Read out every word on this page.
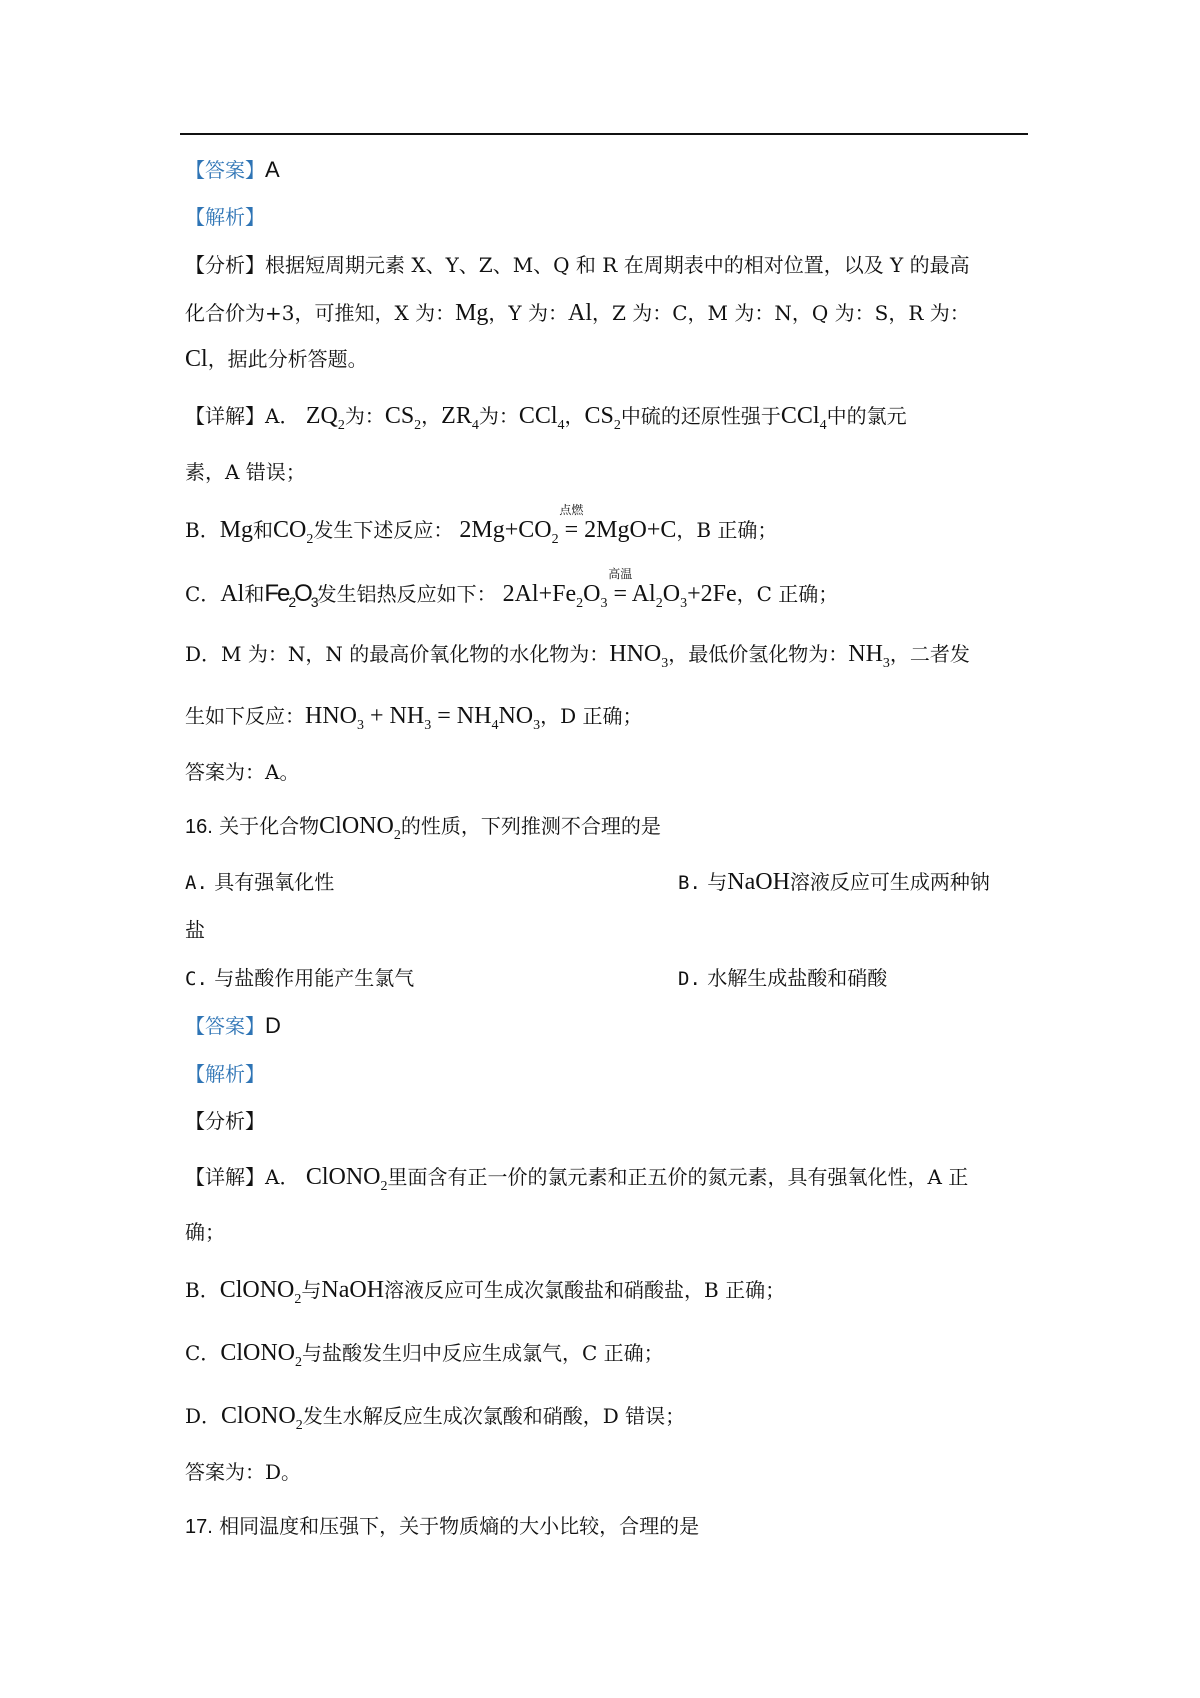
【答案】A
【解析】
【分析】根据短周期元素 X、Y、Z、M、Q 和 R 在周期表中的相对位置，以及 Y 的最高
化合价为+3，可推知，X 为：Mg，Y 为：Al，Z 为：C，M 为：N，Q 为：S，R 为：
Cl，据此分析答题。
【详解】A． $ZQ_2$为：$CS_2$，$ZR_4$为：CCl$_4$，$CS_2$中硫的还原性强于CCl$_4$中的氯元
素，A 错误；
B．Mg和$CO_2$发生下述反应： $2Mg+CO_2$
点燃
= 2MgO+C，B 正确；
C．Al和$Fe_2O_3$发生铝热反应如下： $2Al+Fe_2O_3$
高温
= $Al_2O_3+2Fe$，C 正确；
D．M 为：N，N 的最高价氧化物的水化物为：$HNO_3$，最低价氢化物为：$NH_3$，二者发
生如下反应：$HNO_3 + NH_3 = NH_4NO_3$，D 正确；
答案为：A。
16. 关于化合物ClONO$_2$的性质，下列推测不合理的是
A. 具有强氧化性	B. 与NaOH溶液反应可生成两种钠
盐
C. 与盐酸作用能产生氯气	D. 水解生成盐酸和硝酸
【答案】D
【解析】
【分析】
【详解】A． ClONO$_2$里面含有正一价的氯元素和正五价的氮元素，具有强氧化性，A 正
确；
B．ClONO$_2$与NaOH溶液反应可生成次氯酸盐和硝酸盐，B 正确；
C．ClONO$_2$与盐酸发生归中反应生成氯气，C 正确；
D．ClONO$_2$发生水解反应生成次氯酸和硝酸，D 错误；
答案为：D。
17. 相同温度和压强下，关于物质熵的大小比较，合理的是
